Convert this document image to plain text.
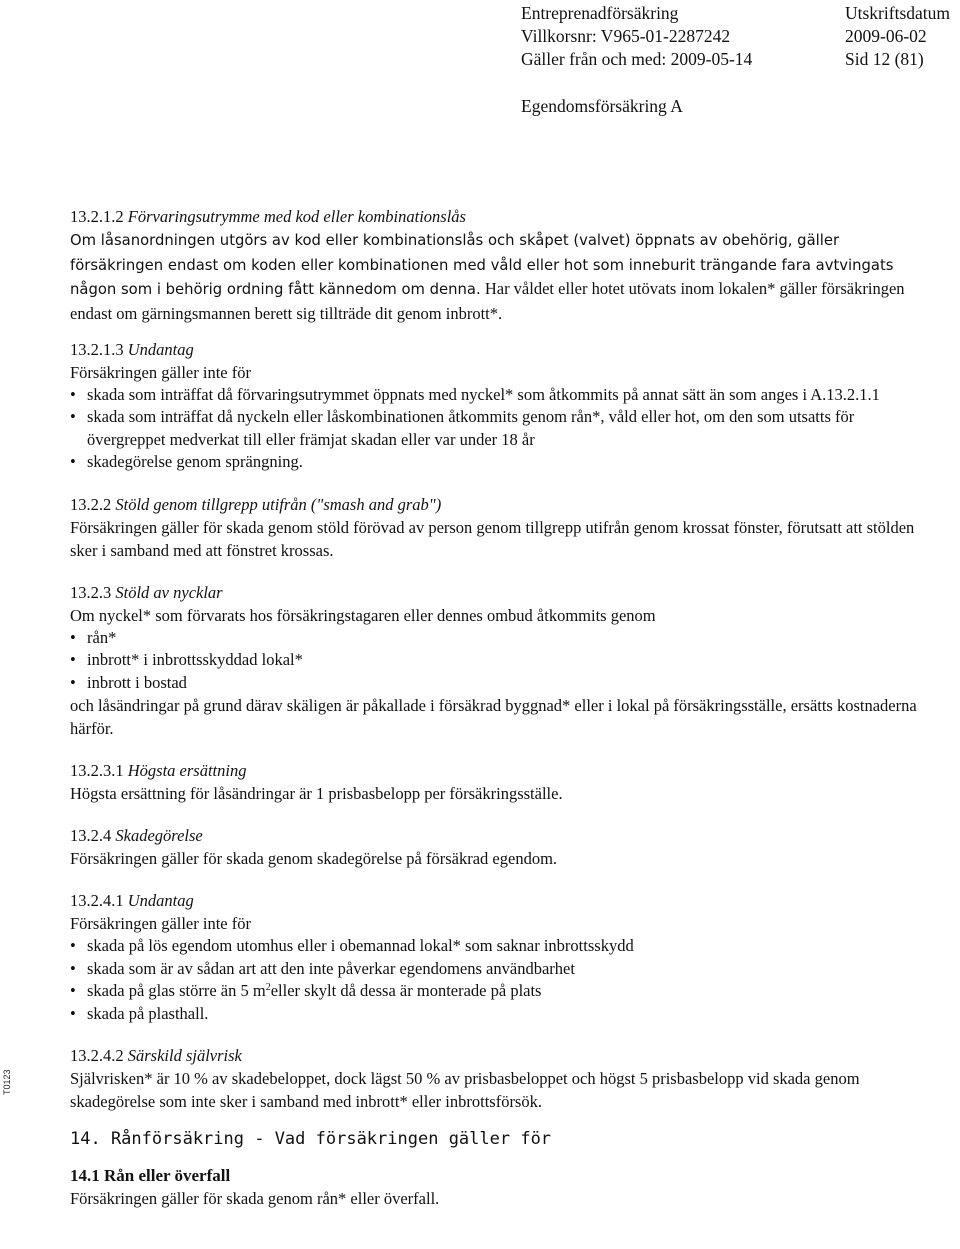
Entreprenadförsäkring
Villkorsnr: V965-01-2287242
Gäller från och med: 2009-05-14
Utskriftsdatum
2009-06-02
Sid 12 (81)
Egendomsförsäkring A
T0123
13.2.1.2 Förvaringsutrymme med kod eller kombinationslås
Om låsanordningen utgörs av kod eller kombinationslås och skåpet (valvet) öppnats av obehörig, gäller försäkringen endast om koden eller kombinationen med våld eller hot som inneburit trängande fara avtvingats någon som i behörig ordning fått kännedom om denna. Har våldet eller hotet utövats inom lokalen* gäller försäkringen endast om gärningsmannen berett sig tillträde dit genom inbrott*.
13.2.1.3 Undantag
Försäkringen gäller inte för
• skada som inträffat då förvaringsutrymmet öppnats med nyckel* som åtkommits på annat sätt än som anges i A.13.2.1.1
• skada som inträffat då nyckeln eller låskombinationen åtkommits genom rån*, våld eller hot, om den som utsatts för övergreppet medverkat till eller främjat skadan eller var under 18 år
• skadegörelse genom sprängning.
13.2.2 Stöld genom tillgrepp utifrån ("smash and grab")
Försäkringen gäller för skada genom stöld förövad av person genom tillgrepp utifrån genom krossat fönster, förutsatt att stölden sker i samband med att fönstret krossas.
13.2.3 Stöld av nycklar
Om nyckel* som förvarats hos försäkringstagaren eller dennes ombud åtkommits genom
• rån*
• inbrott* i inbrottsskyddad lokal*
• inbrott i bostad
och låsändringar på grund därav skäligen är påkallade i försäkrad byggnad* eller i lokal på försäkringsställe, ersätts kostnaderna härför.
13.2.3.1 Högsta ersättning
Högsta ersättning för låsändringar är 1 prisbasbelopp per försäkringsställe.
13.2.4 Skadegörelse
Försäkringen gäller för skada genom skadegörelse på försäkrad egendom.
13.2.4.1 Undantag
Försäkringen gäller inte för
• skada på lös egendom utomhus eller i obemannad lokal* som saknar inbrottsskydd
• skada som är av sådan art att den inte påverkar egendomens användbarhet
• skada på glas större än 5 $m^2eller$ skylt då dessa är monterade på plats
• skada på plasthall.
13.2.4.2 Särskild självrisk
Självrisken* är 10 % av skadebeloppet, dock lägst 50 % av prisbasbeloppet och högst 5 prisbasbelopp vid skada genom skadegörelse som inte sker i samband med inbrott* eller inbrottsförsök.
14. Rånförsäkring - Vad försäkringen gäller för
14.1 Rån eller överfall
Försäkringen gäller för skada genom rån* eller överfall.
